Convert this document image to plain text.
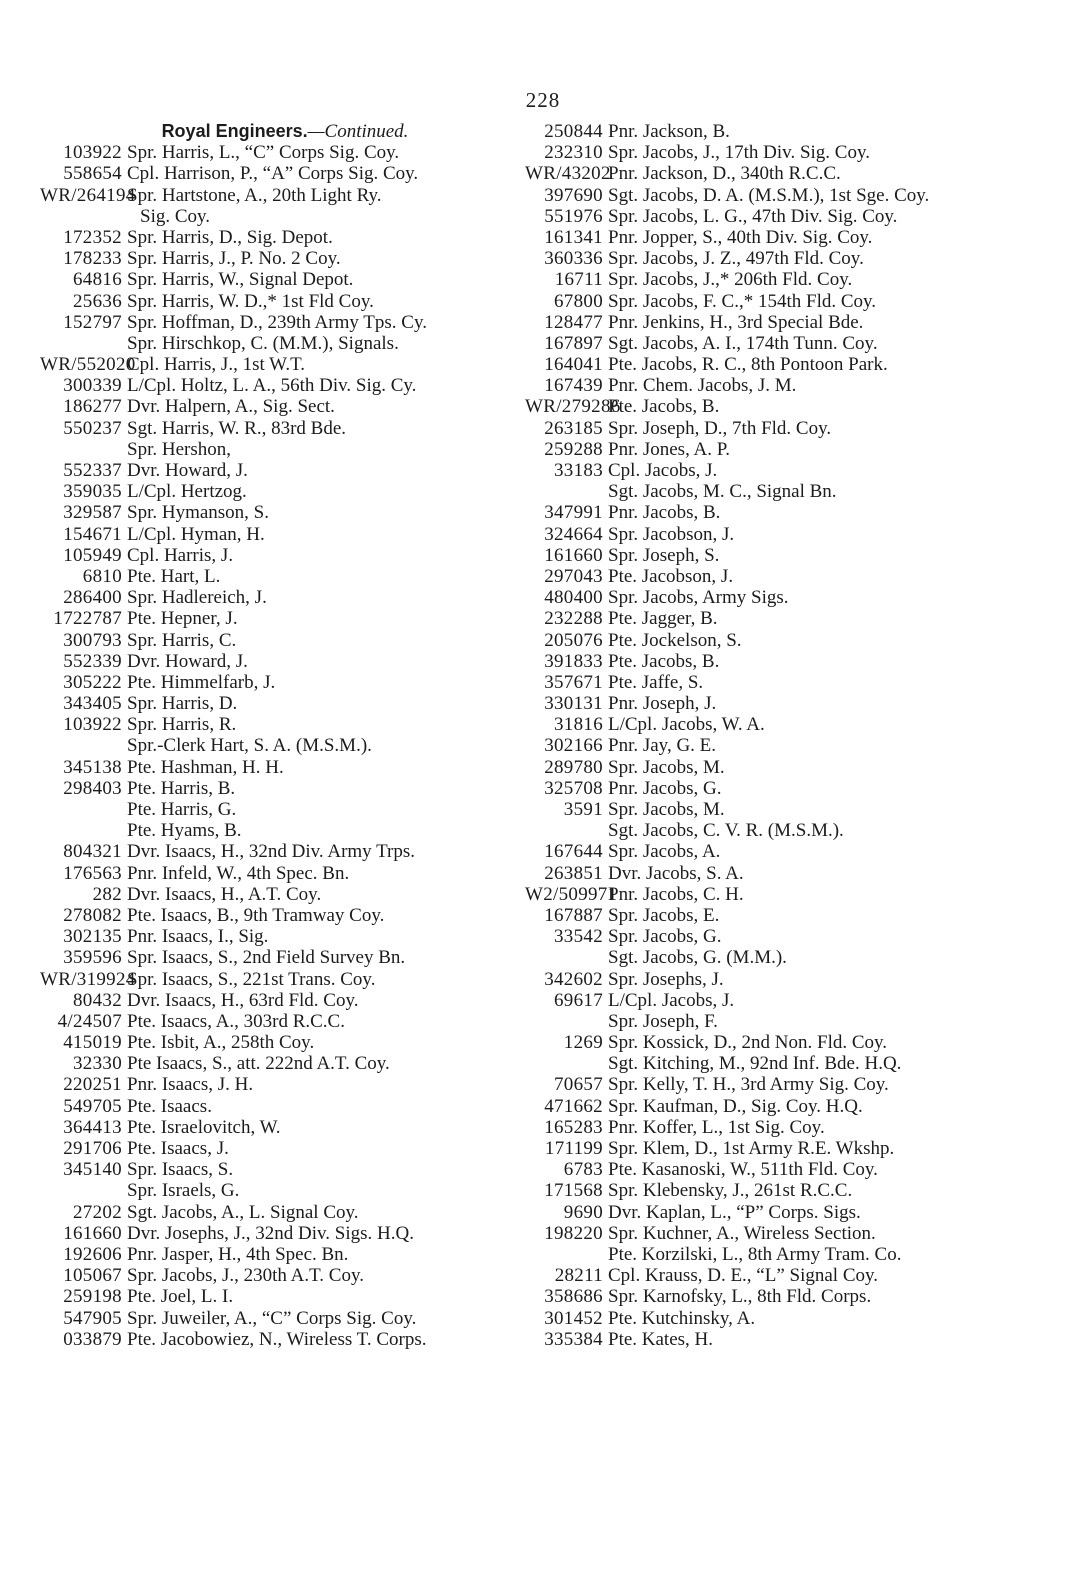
228
Royal Engineers. —Continued.
103922 Spr. Harris, L., “C” Corps Sig. Coy.
558654 Cpl. Harrison, P., “A” Corps Sig. Coy.
WR/264194
Spr. Hartstone, A., 20th Light Ry.
Sig. Coy.
172352 Spr. Harris, D., Sig. Depot.
178233 Spr. Harris, J., P. No. 2 Coy.
64816 Spr. Harris, W., Signal Depot.
25636 Spr. Harris, W. D.,* 1st Fld Coy.
152797 Spr. Hoffman, D., 239th Army Tps. Cy.
Spr. Hirschkop, C. (M.M.), Signals.
WR/552020
Cpl. Harris, J., 1st W.T.
300339 L/Cpl. Holtz, L. A., 56th Div. Sig. Cy.
186277 Dvr. Halpern, A., Sig. Sect.
550237 Sgt. Harris, W. R., 83rd Bde.
Spr. Hershon,
552337 Dvr. Howard, J.
359035 L/Cpl. Hertzog.
329587 Spr. Hymanson, S.
154671 L/Cpl. Hyman, H.
105949 Cpl. Harris, J.
6810 Pte. Hart, L.
286400 Spr. Hadlereich, J.
1722787 Pte. Hepner, J.
300793 Spr. Harris, C.
552339 Dvr. Howard, J.
305222 Pte. Himmelfarb, J.
343405 Spr. Harris, D.
103922 Spr. Harris, R.
Spr.-Clerk Hart, S. A. (M.S.M.).
345138 Pte. Hashman, H. H.
298403 Pte. Harris, B.
Pte. Harris, G.
Pte. Hyams, B.
804321 Dvr. Isaacs, H., 32nd Div. Army Trps.
176563 Pnr. Infeld, W., 4th Spec. Bn.
282 Dvr. Isaacs, H., A.T. Coy.
278082 Pte. Isaacs, B., 9th Tramway Coy.
302135 Pnr. Isaacs, I., Sig.
359596 Spr. Isaacs, S., 2nd Field Survey Bn.
WR/319924
Spr. Isaacs, S., 221st Trans. Coy.
80432 Dvr. Isaacs, H., 63rd Fld. Coy.
4/24507 Pte. Isaacs, A., 303rd R.C.C.
415019 Pte. Isbit, A., 258th Coy.
32330 Pte Isaacs, S., att. 222nd A.T. Coy.
220251 Pnr. Isaacs, J. H.
549705 Pte. Isaacs.
364413 Pte. Israelovitch, W.
291706 Pte. Isaacs, J.
345140 Spr. Isaacs, S.
Spr. Israels, G.
27202 Sgt. Jacobs, A., L. Signal Coy.
161660 Dvr. Josephs, J., 32nd Div. Sigs. H.Q.
192606 Pnr. Jasper, H., 4th Spec. Bn.
105067 Spr. Jacobs, J., 230th A.T. Coy.
259198 Pte. Joel, L. I.
547905 Spr. Juweiler, A., “C” Corps Sig. Coy.
033879 Pte. Jacobowiez, N., Wireless T. Corps.
250844 Pnr. Jackson, B.
232310 Spr. Jacobs, J., 17th Div. Sig. Coy.
WR/43202
Pnr. Jackson, D., 340th R.C.C.
397690 Sgt. Jacobs, D. A. (M.S.M.), 1st Sge. Coy.
551976 Spr. Jacobs, L. G., 47th Div. Sig. Coy.
161341 Pnr. Jopper, S., 40th Div. Sig. Coy.
360336 Spr. Jacobs, J. Z., 497th Fld. Coy.
16711 Spr. Jacobs, J.,* 206th Fld. Coy.
67800 Spr. Jacobs, F. C.,* 154th Fld. Coy.
128477 Pnr. Jenkins, H., 3rd Special Bde.
167897 Sgt. Jacobs, A. I., 174th Tunn. Coy.
164041 Pte. Jacobs, R. C., 8th Pontoon Park.
167439 Pnr. Chem. Jacobs, J. M.
WR/279286
Pte. Jacobs, B.
263185 Spr. Joseph, D., 7th Fld. Coy.
259288 Pnr. Jones, A. P.
33183 Cpl. Jacobs, J.
Sgt. Jacobs, M. C., Signal Bn.
347991 Pnr. Jacobs, B.
324664 Spr. Jacobson, J.
161660 Spr. Joseph, S.
297043 Pte. Jacobson, J.
480400 Spr. Jacobs, Army Sigs.
232288 Pte. Jagger, B.
205076 Pte. Jockelson, S.
391833 Pte. Jacobs, B.
357671 Pte. Jaffe, S.
330131 Pnr. Joseph, J.
31816 L/Cpl. Jacobs, W. A.
302166 Pnr. Jay, G. E.
289780 Spr. Jacobs, M.
325708 Pnr. Jacobs, G.
3591 Spr. Jacobs, M.
Sgt. Jacobs, C. V. R. (M.S.M.).
167644 Spr. Jacobs, A.
263851 Dvr. Jacobs, S. A.
W2/509971
Pnr. Jacobs, C. H.
167887 Spr. Jacobs, E.
33542 Spr. Jacobs, G.
Sgt. Jacobs, G. (M.M.).
342602 Spr. Josephs, J.
69617 L/Cpl. Jacobs, J.
Spr. Joseph, F.
1269 Spr. Kossick, D., 2nd Non. Fld. Coy.
Sgt. Kitching, M., 92nd Inf. Bde. H.Q.
70657 Spr. Kelly, T. H., 3rd Army Sig. Coy.
471662 Spr. Kaufman, D., Sig. Coy. H.Q.
165283 Pnr. Koffer, L., 1st Sig. Coy.
171199 Spr. Klem, D., 1st Army R.E. Wkshp.
6783 Pte. Kasanoski, W., 511th Fld. Coy.
171568 Spr. Klebensky, J., 261st R.C.C.
9690 Dvr. Kaplan, L., “P” Corps. Sigs.
198220 Spr. Kuchner, A., Wireless Section.
Pte. Korzilski, L., 8th Army Tram. Co.
28211 Cpl. Krauss, D. E., “L” Signal Coy.
358686 Spr. Karnofsky, L., 8th Fld. Corps.
301452 Pte. Kutchinsky, A.
335384 Pte. Kates, H.
